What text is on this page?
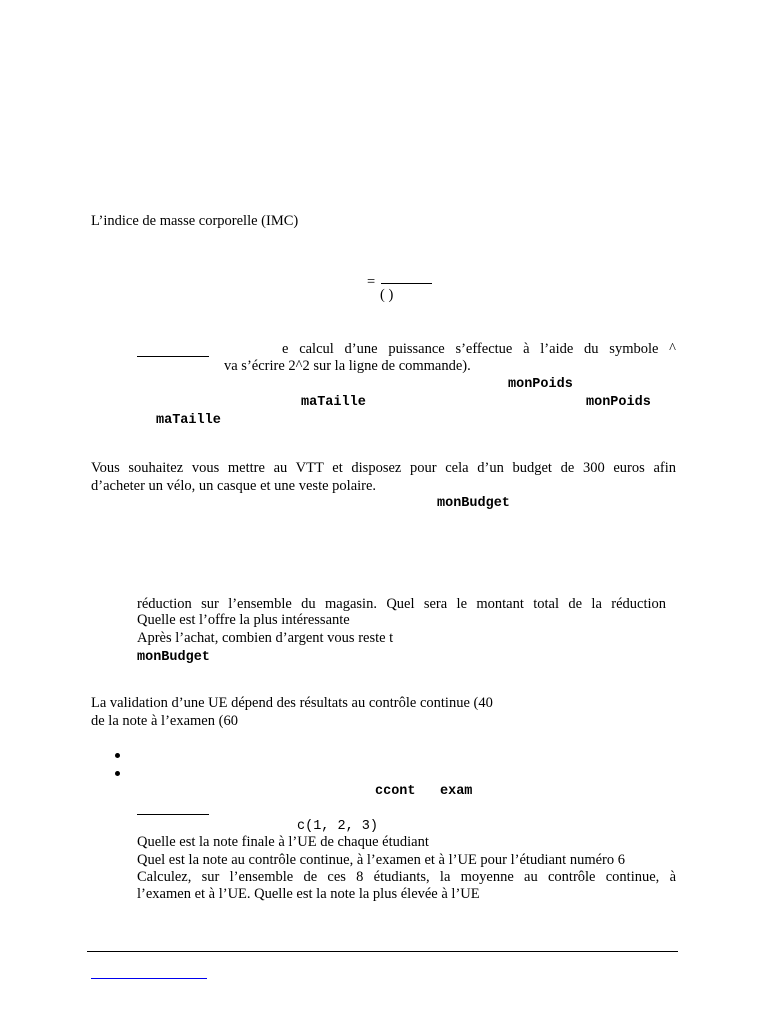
L’indice de masse corporelle (IMC)
=
( )
e calcul d’une puissance s’effectue à l’aide du symbole ^
va s’écrire 2^2 sur la ligne de commande).
monPoids
maTaille	monPoids
maTaille
Vous souhaitez vous mettre au VTT et disposez pour cela d’un budget de 300 euros afin
d’acheter un vélo, un casque et une veste polaire.
monBudget
réduction sur l’ensemble du magasin. Quel sera le montant total de la réduction
Quelle est l’offre la plus intéressante
Après l’achat, combien d’argent vous reste t
monBudget
La validation d’une UE dépend des résultats au contrôle continue (40
de la note à l’examen (60
ccont exam
c(1, 2, 3)
Quelle est la note finale à l’UE de chaque étudiant
Quel est la note au contrôle continue, à l’examen et à l’UE pour l’étudiant numéro 6
Calculez, sur l’ensemble de ces 8 étudiants, la moyenne au contrôle continue, à
l’examen et à l’UE. Quelle est la note la plus élevée à l’UE
